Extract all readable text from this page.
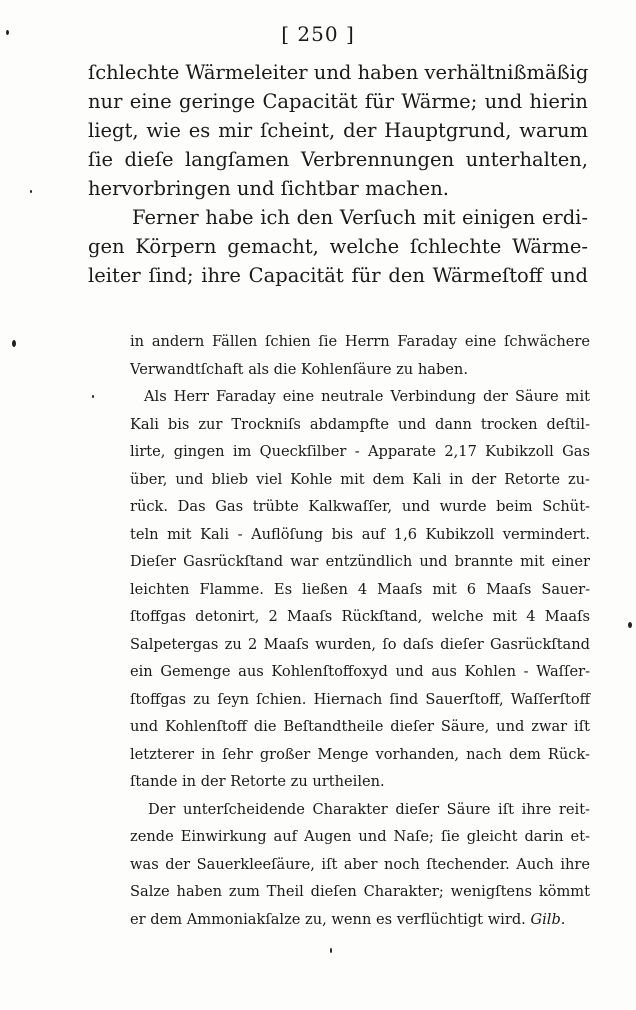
[ 250 ]
ſchlechte Wärmeleiter und haben verhältnißmäßig
nur eine geringe Capacität für Wärme; und hierin
liegt, wie es mir ſcheint, der Hauptgrund, warum
ſie dieſe langſamen Verbrennungen unterhalten,
hervorbringen und ſichtbar machen.
Ferner habe ich den Verſuch mit einigen erdi-
gen Körpern gemacht, welche ſchlechte Wärme-
leiter ſind; ihre Capacität für den Wärmeſtoff und
in andern Fällen ſchien ſie Herrn Faraday eine ſchwächere
Verwandtſchaft als die Kohlenſäure zu haben.
Als Herr Faraday eine neutrale Verbindung der Säure mit
Kali bis zur Trockniſs abdampfte und dann trocken deſtil-
lirte, gingen im Queckſilber - Apparate 2,17 Kubikzoll Gas
über, und blieb viel Kohle mit dem Kali in der Retorte zu-
rück. Das Gas trübte Kalkwaſſer, und wurde beim Schüt-
teln mit Kali - Auflöſung bis auf 1,6 Kubikzoll vermindert.
Dieſer Gasrückſtand war entzündlich und brannte mit einer
leichten Flamme. Es ließen 4 Maaſs mit 6 Maaſs Sauer-
ſtoffgas detonirt, 2 Maaſs Rückſtand, welche mit 4 Maaſs
Salpetergas zu 2 Maaſs wurden, ſo daſs dieſer Gasrückſtand
ein Gemenge aus Kohlenſtoffoxyd und aus Kohlen - Waſſer-
ſtoffgas zu ſeyn ſchien. Hiernach ſind Sauerſtoff, Waſſerſtoff
und Kohlenſtoff die Beſtandtheile dieſer Säure, und zwar iſt
letzterer in ſehr großer Menge vorhanden, nach dem Rück-
ſtande in der Retorte zu urtheilen.
Der unterſcheidende Charakter dieſer Säure iſt ihre reit-
zende Einwirkung auf Augen und Naſe; ſie gleicht darin et-
was der Sauerkleeſäure, iſt aber noch ſtechender. Auch ihre
Salze haben zum Theil dieſen Charakter; wenigſtens kömmt
er dem Ammoniakſalze zu, wenn es verflüchtigt wird. Gilb.
